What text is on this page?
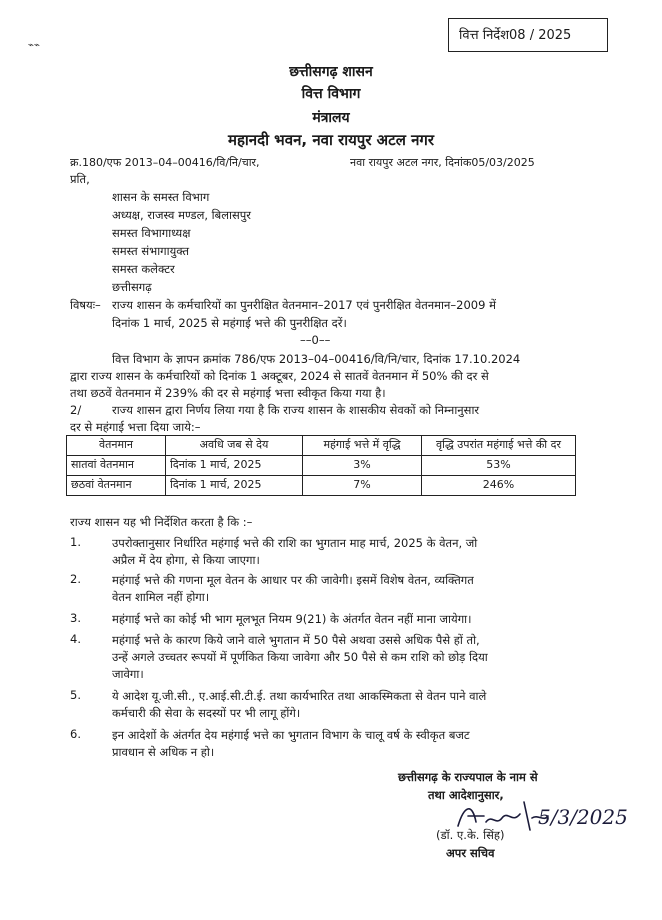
वित्त निर्देश08 / 2025
⌁⌁
छत्तीसगढ़ शासन
वित्त विभाग
मंत्रालय
महानदी भवन, नवा रायपुर अटल नगर
क्र.180/एफ 2013–04–00416/वि/नि/चार,	नवा रायपुर अटल नगर, दिनांक05/03/2025
प्रति,
शासन के समस्त विभाग
अध्यक्ष, राजस्व मण्डल, बिलासपुर
समस्त विभागाध्यक्ष
समस्त संभागायुक्त
समस्त कलेक्टर
छत्तीसगढ़
विषयः– राज्य शासन के कर्मचारियों का पुनरीक्षित वेतनमान–2017 एवं पुनरीक्षित वेतनमान–2009 में
दिनांक 1 मार्च, 2025 से महंगाई भत्ते की पुनरीक्षित दरें।
––0––
वित्त विभाग के ज्ञापन क्रमांक 786/एफ 2013–04–00416/वि/नि/चार, दिनांक 17.10.2024
द्वारा राज्य शासन के कर्मचारियों को दिनांक 1 अक्टूबर, 2024 से सातवें वेतनमान में 50% की दर से
तथा छठवें वेतनमान में 239% की दर से महंगाई भत्ता स्वीकृत किया गया है।
2/	राज्य शासन द्वारा निर्णय लिया गया है कि राज्य शासन के शासकीय सेवकों को निम्नानुसार
दर से महंगाई भत्ता दिया जाये:–
वेतनमान	अवधि जब से देय	महंगाई भत्ते में वृद्धि	वृद्धि उपरांत महंगाई भत्ते की दर
सातवां वेतनमान	दिनांक 1 मार्च, 2025	3%	53%
छठवां वेतनमान	दिनांक 1 मार्च, 2025	7%	246%
राज्य शासन यह भी निर्देशित करता है कि :–
1.	उपरोक्तानुसार निर्धारित महंगाई भत्ते की राशि का भुगतान माह मार्च, 2025 के वेतन, जो
अप्रैल में देय होगा, से किया जाएगा।
2.	महंगाई भत्ते की गणना मूल वेतन के आधार पर की जावेगी। इसमें विशेष वेतन, व्यक्तिगत
वेतन शामिल नहीं होगा।
3.	महंगाई भत्ते का कोई भी भाग मूलभूत नियम 9(21) के अंतर्गत वेतन नहीं माना जायेगा।
4.	महंगाई भत्ते के कारण किये जाने वाले भुगतान में 50 पैसे अथवा उससे अधिक पैसे हों तो,
उन्हें अगले उच्चतर रूपयों में पूर्णकित किया जावेगा और 50 पैसे से कम राशि को छोड़ दिया
जावेगा।
5.	ये आदेश यू.जी.सी., ए.आई.सी.टी.ई. तथा कार्यभारित तथा आकस्मिकता से वेतन पाने वाले
कर्मचारी की सेवा के सदस्यों पर भी लागू होंगे।
6.	इन आदेशों के अंतर्गत देय महंगाई भत्ते का भुगतान विभाग के चालू वर्ष के स्वीकृत बजट
प्रावधान से अधिक न हो।
छत्तीसगढ़ के राज्यपाल के नाम से
तथा आदेशानुसार,
5/3/2025
(डॉ. ए.के. सिंह)
अपर सचिव
